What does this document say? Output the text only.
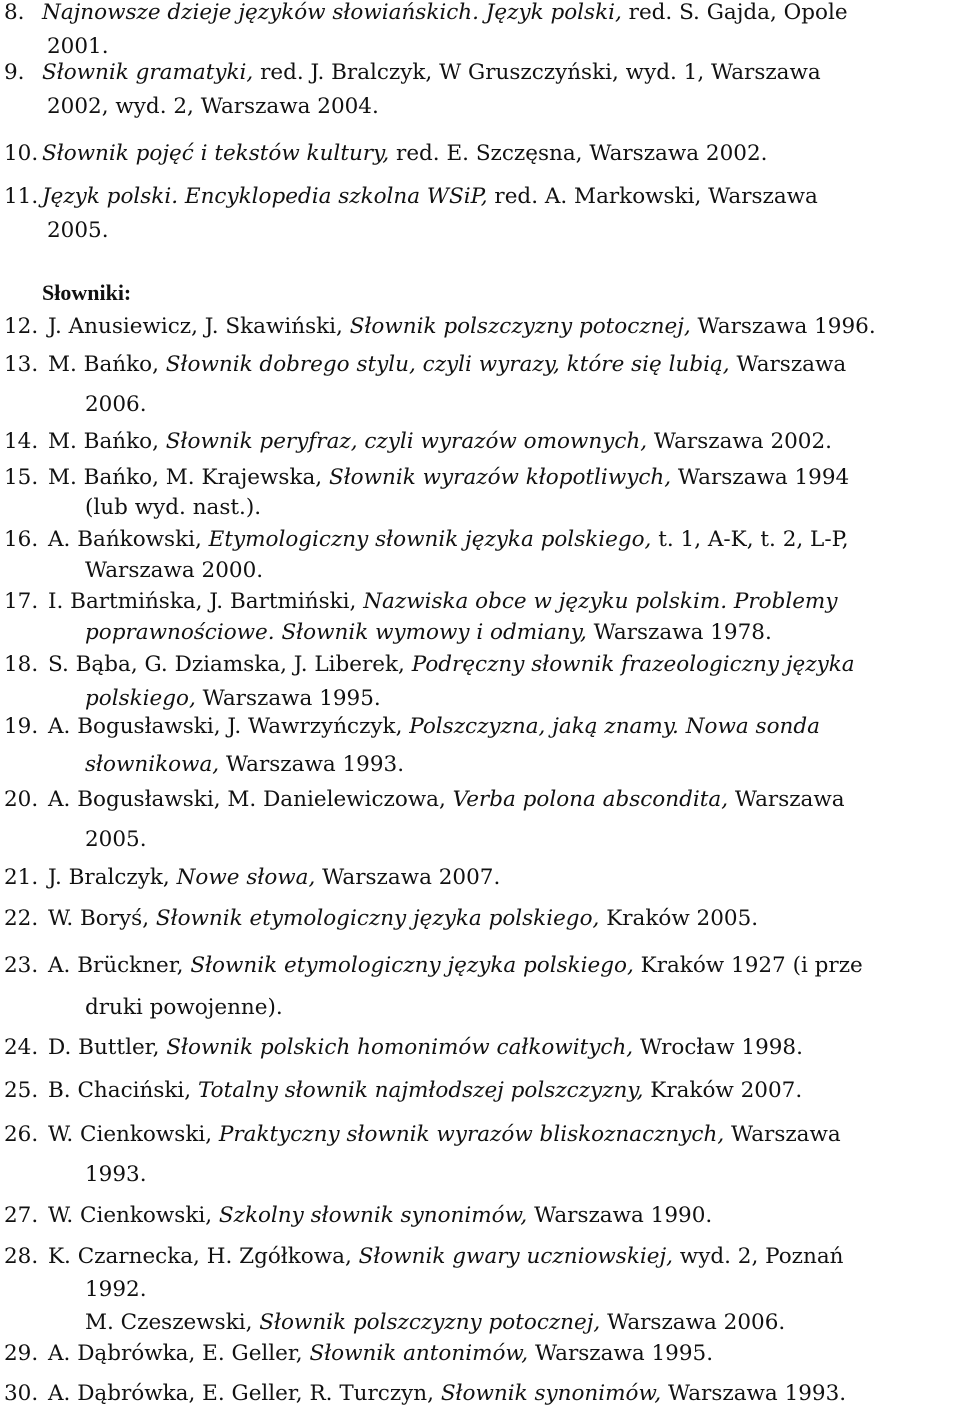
8. Najnowsze dzieje języków słowiańskich. Język polski, red. S. Gajda, Opole
2001.
9. Słownik gramatyki, red. J. Bralczyk, W Gruszczyński, wyd. 1, Warszawa
2002, wyd. 2, Warszawa 2004.
10. Słownik pojęć i tekstów kultury, red. E. Szczęsna, Warszawa 2002.
11. Język polski. Encyklopedia szkolna WSiP, red. A. Markowski, Warszawa
2005.
Słowniki:
12. J. Anusiewicz, J. Skawiński, Słownik polszczyzny potocznej, Warszawa 1996.
13. M. Bańko, Słownik dobrego stylu, czyli wyrazy, które się lubią, Warszawa
2006.
14. M. Bańko, Słownik peryfraz, czyli wyrazów omownych, Warszawa 2002.
15. M. Bańko, M. Krajewska, Słownik wyrazów kłopotliwych, Warszawa 1994
(lub wyd. nast.).
16. A. Bańkowski, Etymologiczny słownik języka polskiego, t. 1, A-K, t. 2, L-P,
Warszawa 2000.
17. I. Bartmińska, J. Bartmiński, Nazwiska obce w języku polskim. Problemy
poprawnościowe. Słownik wymowy i odmiany, Warszawa 1978.
18. S. Bąba, G. Dziamska, J. Liberek, Podręczny słownik frazeologiczny języka
polskiego, Warszawa 1995.
19. A. Bogusławski, J. Wawrzyńczyk, Polszczyzna, jaką znamy. Nowa sonda
słownikowa, Warszawa 1993.
20. A. Bogusławski, M. Danielewiczowa, Verba polona abscondita, Warszawa
2005.
21. J. Bralczyk, Nowe słowa, Warszawa 2007.
22. W. Boryś, Słownik etymologiczny języka polskiego, Kraków 2005.
23. A. Brückner, Słownik etymologiczny języka polskiego, Kraków 1927 (i prze
druki powojenne).
24. D. Buttler, Słownik polskich homonimów całkowitych, Wrocław 1998.
25. B. Chaciński, Totalny słownik najmłodszej polszczyzny, Kraków 2007.
26. W. Cienkowski, Praktyczny słownik wyrazów bliskoznacznych, Warszawa
1993.
27. W. Cienkowski, Szkolny słownik synonimów, Warszawa 1990.
28. K. Czarnecka, H. Zgółkowa, Słownik gwary uczniowskiej, wyd. 2, Poznań
1992.
M. Czeszewski, Słownik polszczyzny potocznej, Warszawa 2006.
29. A. Dąbrówka, E. Geller, Słownik antonimów, Warszawa 1995.
30. A. Dąbrówka, E. Geller, R. Turczyn, Słownik synonimów, Warszawa 1993.
